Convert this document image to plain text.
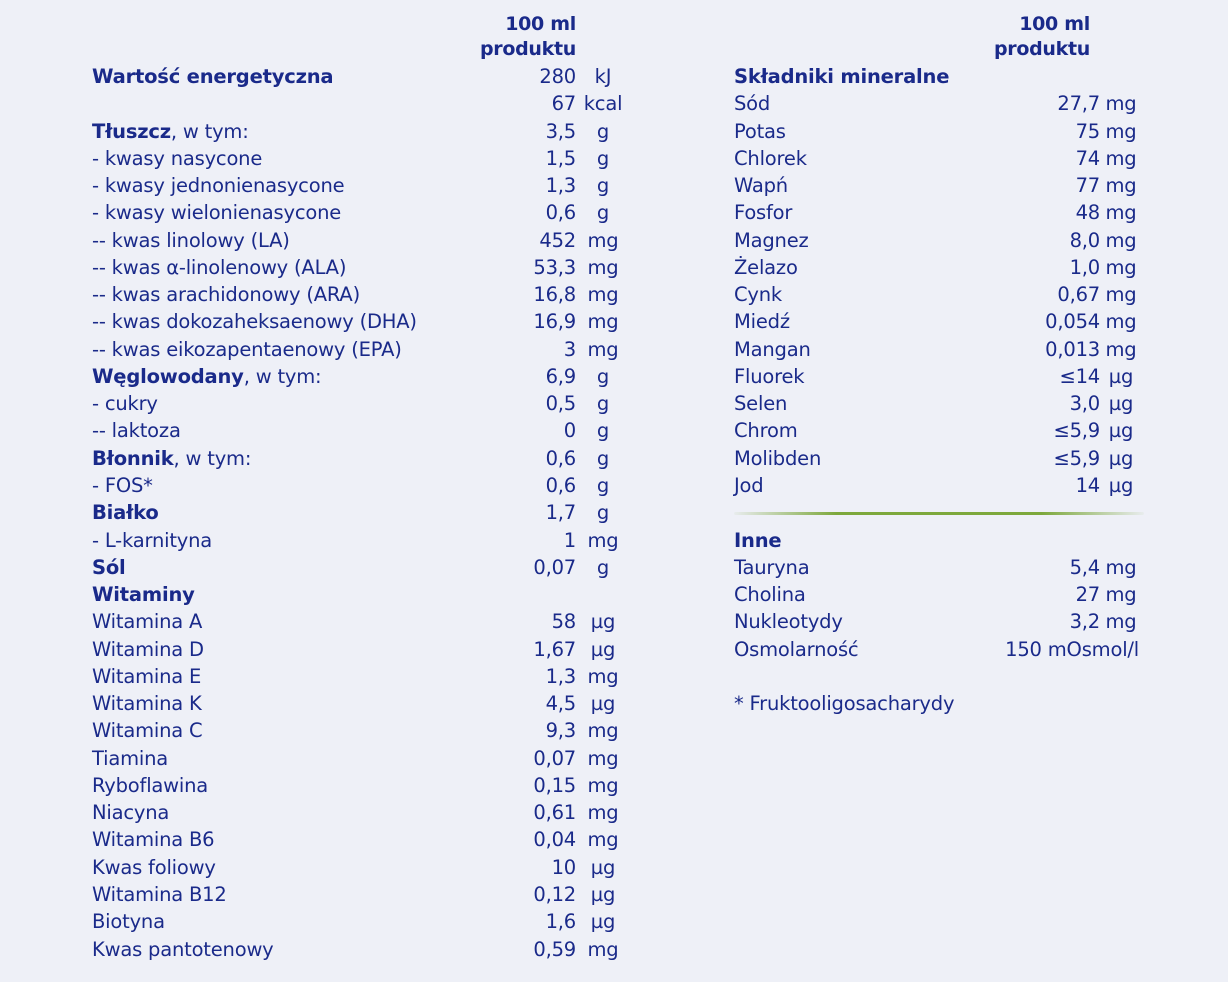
100 ml
produktu
Wartość energetyczna	280 kJ
67 kcal
Tłuszcz, w tym:	3,5	g
- kwasy nasycone	1,5	g
- kwasy jednonienasycone	1,3	g
- kwasy wielonienasycone	0,6	g
-- kwas linolowy (LA)	452 mg
-- kwas α-linolenowy (ALA)	53,3 mg
-- kwas arachidonowy (ARA)	16,8 mg
-- kwas dokozaheksaenowy (DHA)	16,9 mg
-- kwas eikozapentaenowy (EPA)	3 mg
Węglowodany, w tym:	6,9	g
- cukry	0,5	g
-- laktoza	0	g
Błonnik, w tym:	0,6	g
- FOS*	0,6	g
Białko	1,7	g
- L-karnityna	1 mg
Sól	0,07	g
Witaminy
Witamina A	58 µg
Witamina D	1,67 µg
Witamina E	1,3 mg
Witamina K	4,5 µg
Witamina C	9,3 mg
Tiamina	0,07 mg
Ryboflawina	0,15 mg
Niacyna	0,61 mg
Witamina B6	0,04 mg
Kwas foliowy	10 µg
Witamina B12	0,12 µg
Biotyna	1,6 µg
Kwas pantotenowy	0,59 mg
100 ml
produktu
Składniki mineralne
Sód	27,7 mg
Potas	75 mg
Chlorek	74 mg
Wapń	77 mg
Fosfor	48 mg
Magnez	8,0 mg
Żelazo	1,0 mg
Cynk	0,67 mg
Miedź	0,054 mg
Mangan	0,013 mg
Fluorek	≤14 µg
Selen	3,0 µg
Chrom	≤5,9 µg
Molibden	≤5,9 µg
Jod	14 µg
Inne
Tauryna	5,4 mg
Cholina	27 mg
Nukleotydy	3,2 mg
Osmolarność	150 mOsmol/l
* Fruktooligosacharydy
